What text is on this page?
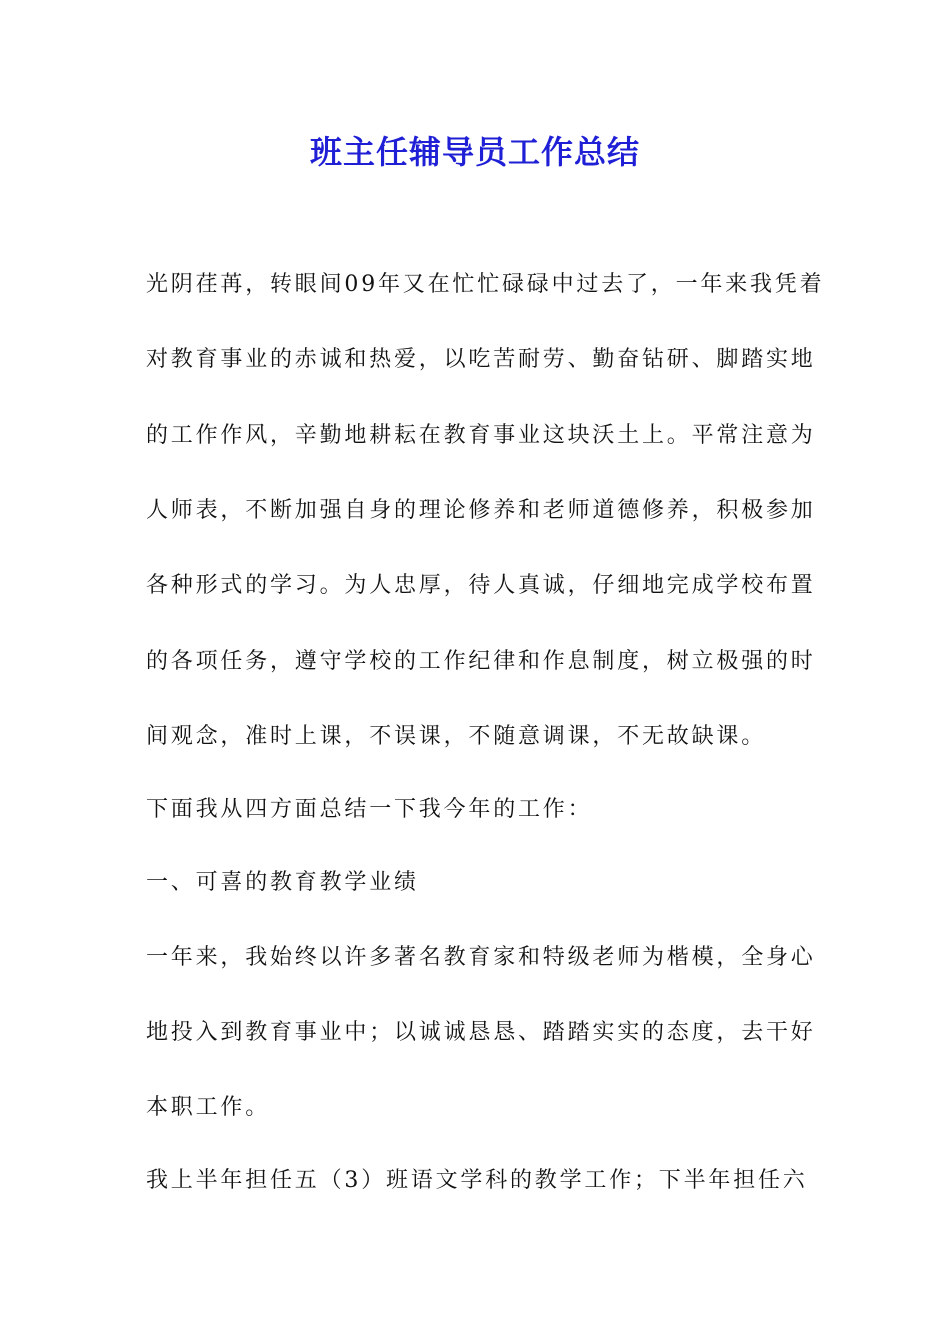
班主任辅导员工作总结
光阴荏苒，转眼间09年又在忙忙碌碌中过去了，一年来我凭着
对教育事业的赤诚和热爱，以吃苦耐劳、勤奋钻研、脚踏实地
的工作作风，辛勤地耕耘在教育事业这块沃土上。平常注意为
人师表，不断加强自身的理论修养和老师道德修养，积极参加
各种形式的学习。为人忠厚，待人真诚，仔细地完成学校布置
的各项任务，遵守学校的工作纪律和作息制度，树立极强的时
间观念，准时上课，不误课，不随意调课，不无故缺课。
下面我从四方面总结一下我今年的工作：
一、可喜的教育教学业绩
一年来，我始终以许多著名教育家和特级老师为楷模，全身心
地投入到教育事业中；以诚诚恳恳、踏踏实实的态度，去干好
本职工作。
我上半年担任五（3）班语文学科的教学工作；下半年担任六
